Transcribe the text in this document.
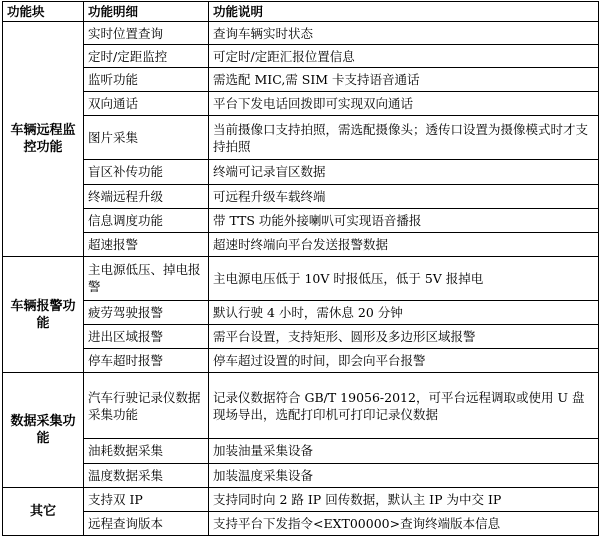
功能块	功能明细	功能说明
车辆远程监控功能	实时位置查询	查询车辆实时状态
	定时/定距监控	可定时/定距汇报位置信息
	监听功能	需选配 MIC,需 SIM 卡支持语音通话
	双向通话	平台下发电话回拨即可实现双向通话
	图片采集	当前摄像口支持拍照，需选配摄像头；透传口设置为摄像模式时才支持拍照
	盲区补传功能	终端可记录盲区数据
	终端远程升级	可远程升级车载终端
	信息调度功能	带 TTS 功能外接喇叭可实现语音播报
	超速报警	超速时终端向平台发送报警数据
车辆报警功能	主电源低压、掉电报警	主电源电压低于 10V 时报低压，低于 5V 报掉电
	疲劳驾驶报警	默认行驶 4 小时，需休息 20 分钟
	进出区域报警	需平台设置，支持矩形、圆形及多边形区域报警
	停车超时报警	停车超过设置的时间，即会向平台报警
数据采集功能	汽车行驶记录仪数据采集功能	记录仪数据符合 GB/T 19056-2012，可平台远程调取或使用 U 盘现场导出，选配打印机可打印记录仪数据
	油耗数据采集	加装油量采集设备
	温度数据采集	加装温度采集设备
其它	支持双 IP	支持同时向 2 路 IP 回传数据，默认主 IP 为中交 IP
	远程查询版本	支持平台下发指令<EXT00000>查询终端版本信息
